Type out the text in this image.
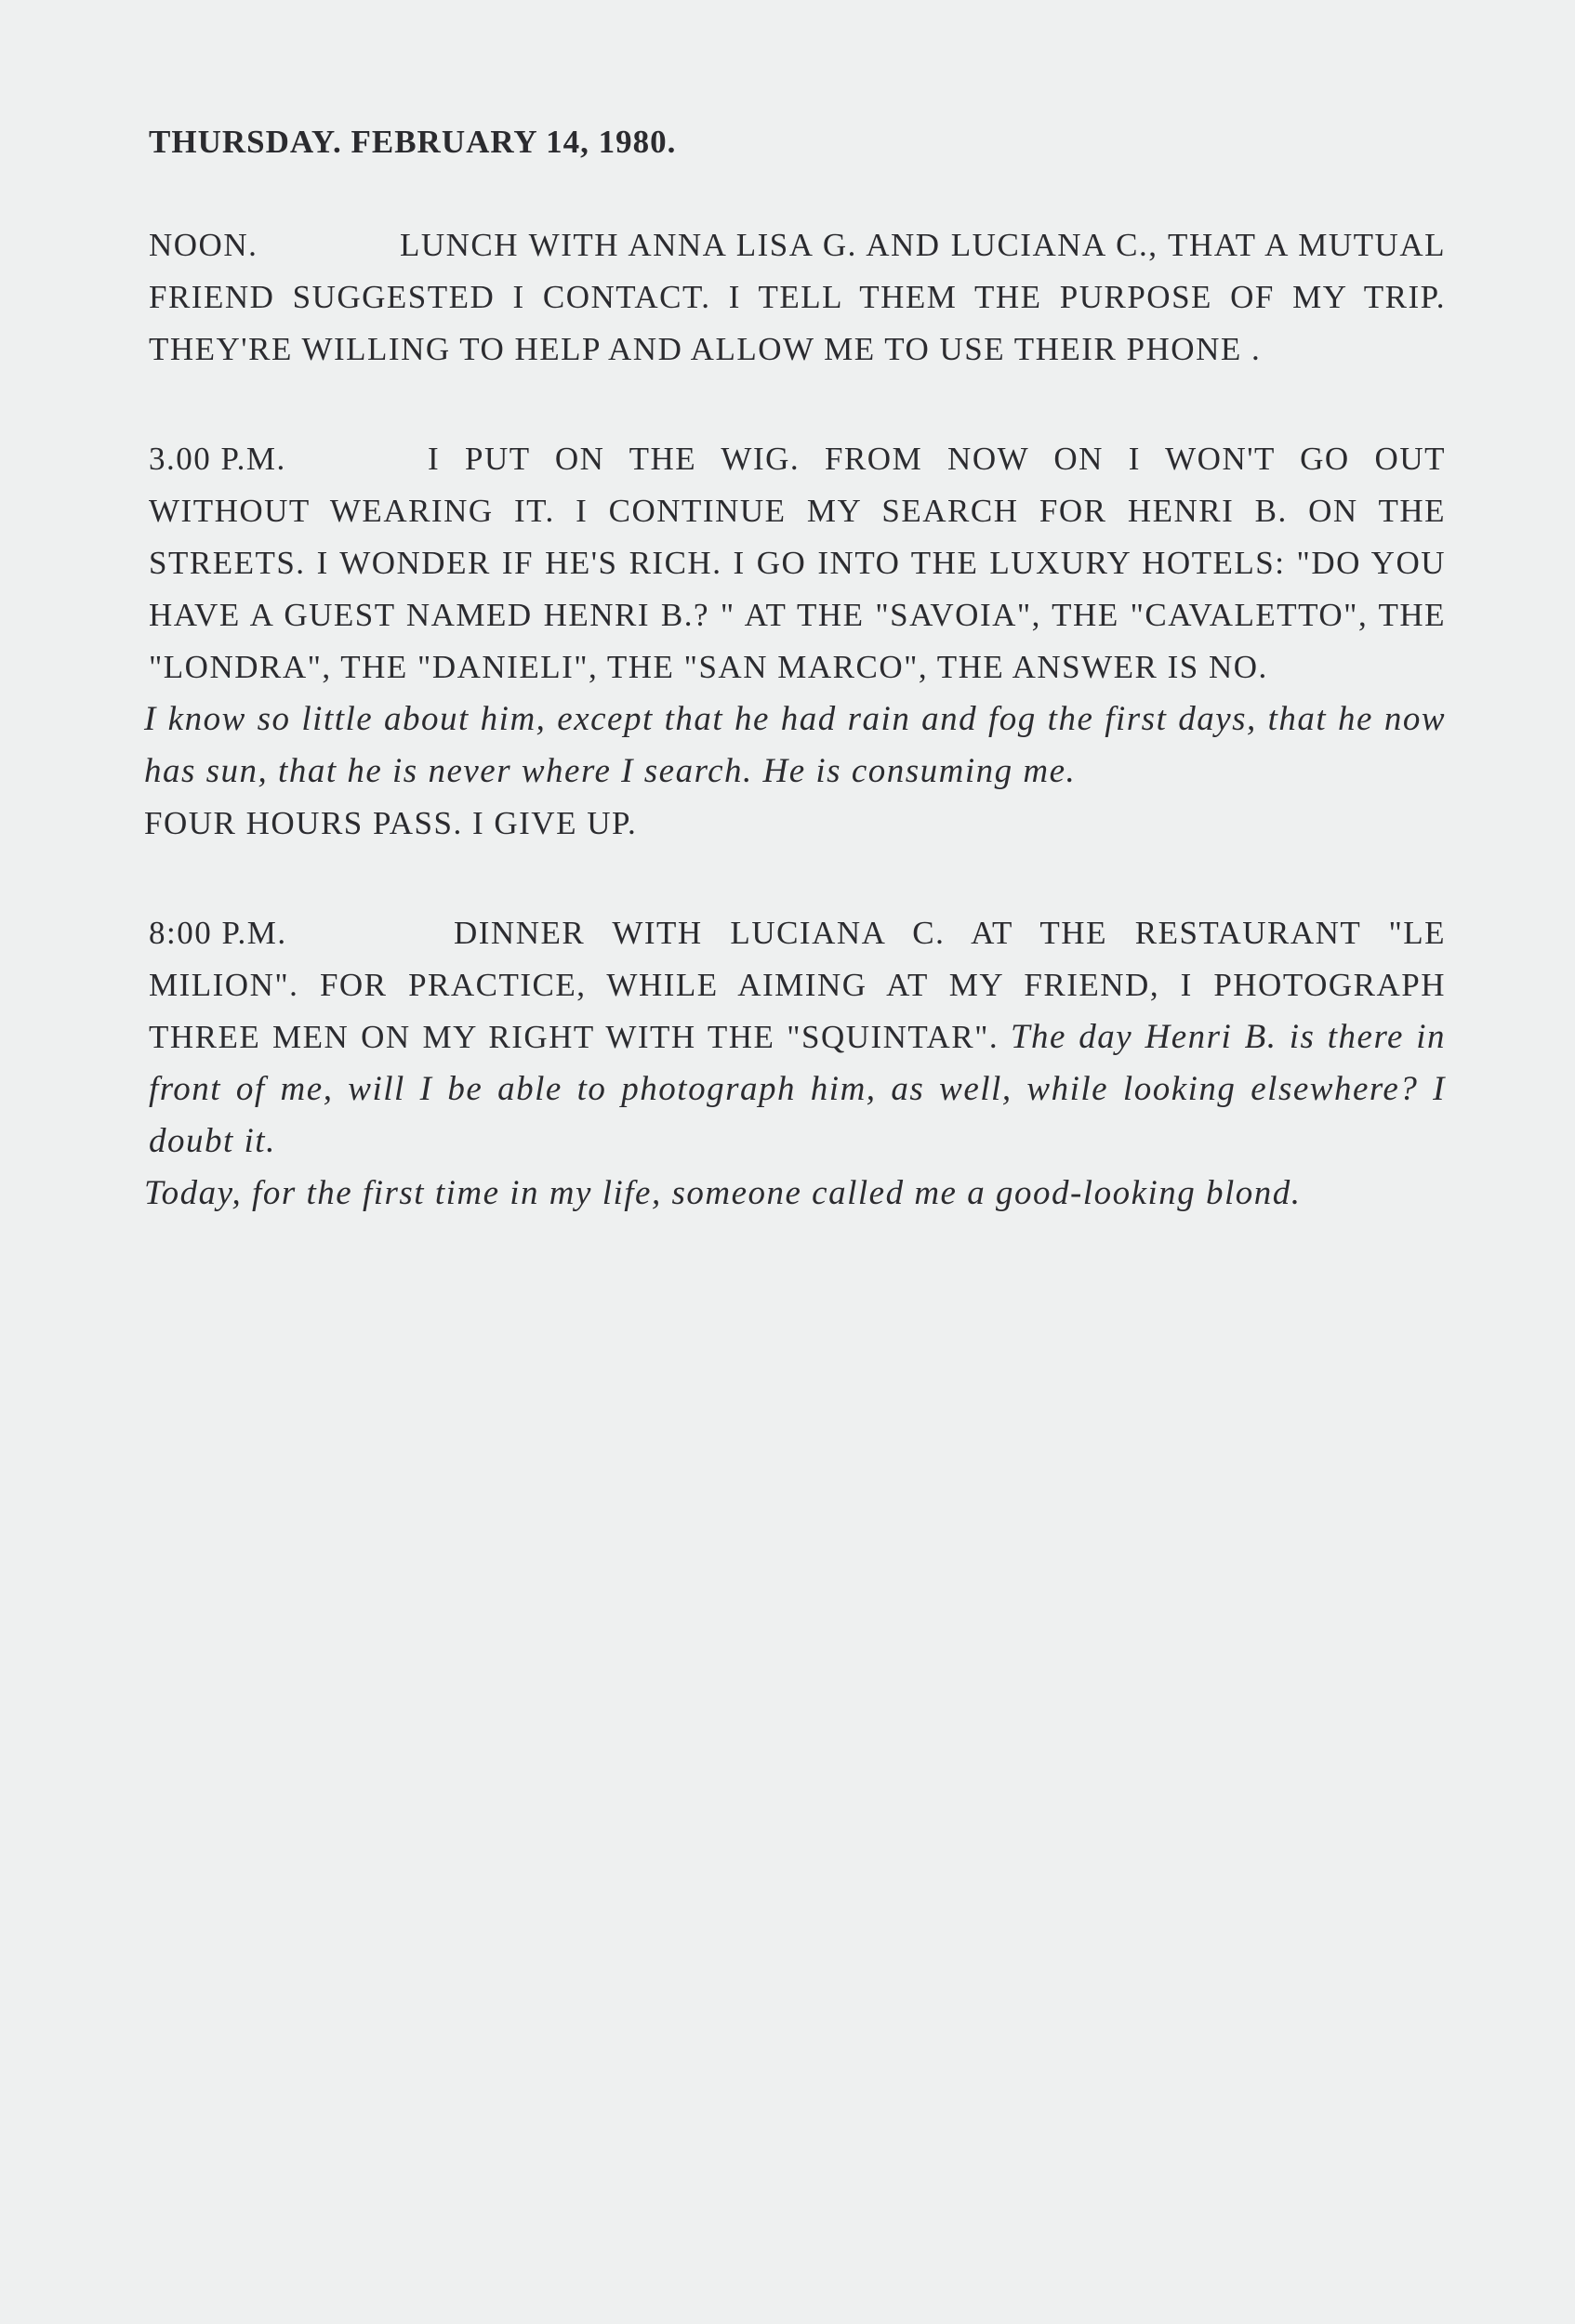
THURSDAY. FEBRUARY 14, 1980.

NOON.	LUNCH WITH ANNA LISA G. AND LUCIANA C., THAT A MUTUAL FRIEND SUGGESTED I CONTACT. I TELL THEM THE PURPOSE OF MY TRIP. THEY'RE WILLING TO HELP AND ALLOW ME TO USE THEIR PHONE .

3.00 P.M.	I PUT ON THE WIG. FROM NOW ON I WON'T GO OUT WITHOUT WEARING IT. I CONTINUE MY SEARCH FOR HENRI B. ON THE STREETS. I WONDER IF HE'S RICH. I GO INTO THE LUXURY HOTELS: "DO YOU HAVE A GUEST NAMED HENRI B.? " AT THE "SAVOIA", THE "CAVALETTO", THE "LONDRA", THE "DANIELI", THE "SAN MARCO", THE ANSWER IS NO.

I know so little about him, except that he had rain and fog the first days, that he now has sun, that he is never where I search. He is consuming me.

FOUR HOURS PASS. I GIVE UP.

8:00 P.M.	DINNER WITH LUCIANA C. AT THE RESTAURANT "LE MILION". FOR PRACTICE, WHILE AIMING AT MY FRIEND, I PHOTOGRAPH THREE MEN ON MY RIGHT WITH THE "SQUINTAR". The day Henri B. is there in front of me, will I be able to photograph him, as well, while looking elsewhere? I doubt it.

Today, for the first time in my life, someone called me a good-looking blond.
